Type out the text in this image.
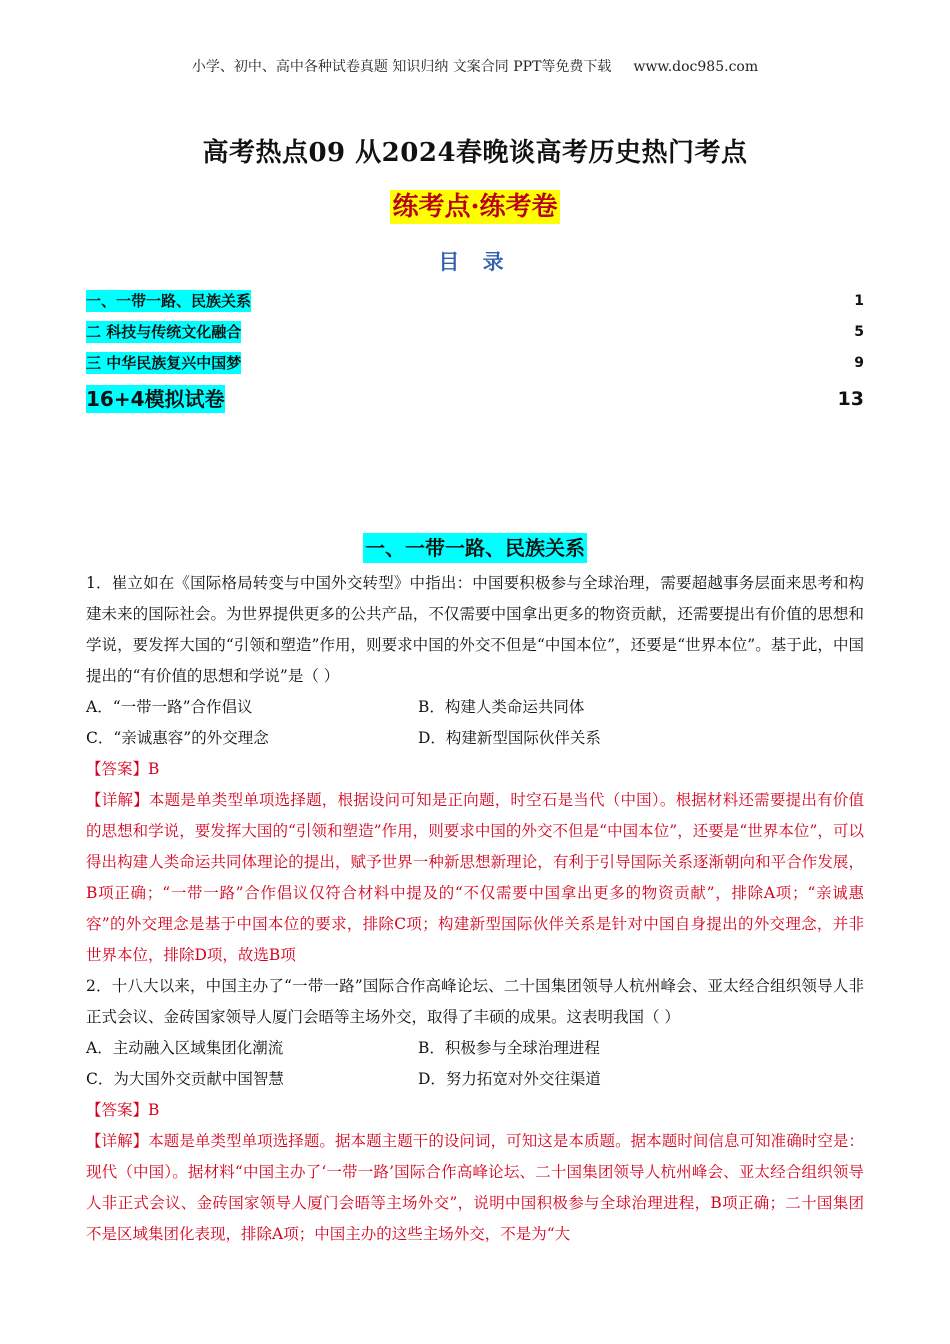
小学、初中、高中各种试卷真题 知识归纳 文案合同 PPT等免费下载 www.doc985.com
高考热点09 从2024春晚谈高考历史热门考点
练考点·练考卷
目 录
一、一带一路、民族关系	1
二 科技与传统文化融合	5
三 中华民族复兴中国梦	9
16+4模拟试卷	13
一、一带一路、民族关系

1．崔立如在《国际格局转变与中国外交转型》中指出：中国要积极参与全球治理，需要超越事务层面来思考和构建未来的国际社会。为世界提供更多的公共产品，不仅需要中国拿出更多的物资贡献，还需要提出有价值的思想和学说，要发挥大国的“引领和塑造”作用，则要求中国的外交不但是“中国本位”，还要是“世界本位”。基于此，中国提出的“有价值的思想和学说”是（ ）

A．“一带一路”合作倡议	B．构建人类命运共同体
C．“亲诚惠容”的外交理念	D．构建新型国际伙伴关系

【答案】B

【详解】本题是单类型单项选择题，根据设问可知是正向题，时空石是当代（中国）。根据材料还需要提出有价值的思想和学说，要发挥大国的“引领和塑造”作用，则要求中国的外交不但是“中国本位”，还要是“世界本位”，可以得出构建人类命运共同体理论的提出，赋予世界一种新思想新理论，有利于引导国际关系逐渐朝向和平合作发展，B项正确；“一带一路”合作倡议仅符合材料中提及的“不仅需要中国拿出更多的物资贡献”，排除A项；“亲诚惠容”的外交理念是基于中国本位的要求，排除C项；构建新型国际伙伴关系是针对中国自身提出的外交理念，并非世界本位，排除D项，故选B项

2．十八大以来，中国主办了“一带一路”国际合作高峰论坛、二十国集团领导人杭州峰会、亚太经合组织领导人非正式会议、金砖国家领导人厦门会晤等主场外交，取得了丰硕的成果。这表明我国（ ）

A．主动融入区域集团化潮流	B．积极参与全球治理进程
C．为大国外交贡献中国智慧	D．努力拓宽对外交往渠道

【答案】B

【详解】本题是单类型单项选择题。据本题主题干的设问词，可知这是本质题。据本题时间信息可知准确时空是：现代（中国）。据材料“中国主办了‘一带一路’国际合作高峰论坛、二十国集团领导人杭州峰会、亚太经合组织领导人非正式会议、金砖国家领导人厦门会晤等主场外交”，说明中国积极参与全球治理进程，B项正确；二十国集团不是区域集团化表现，排除A项；中国主办的这些主场外交，不是为“大
